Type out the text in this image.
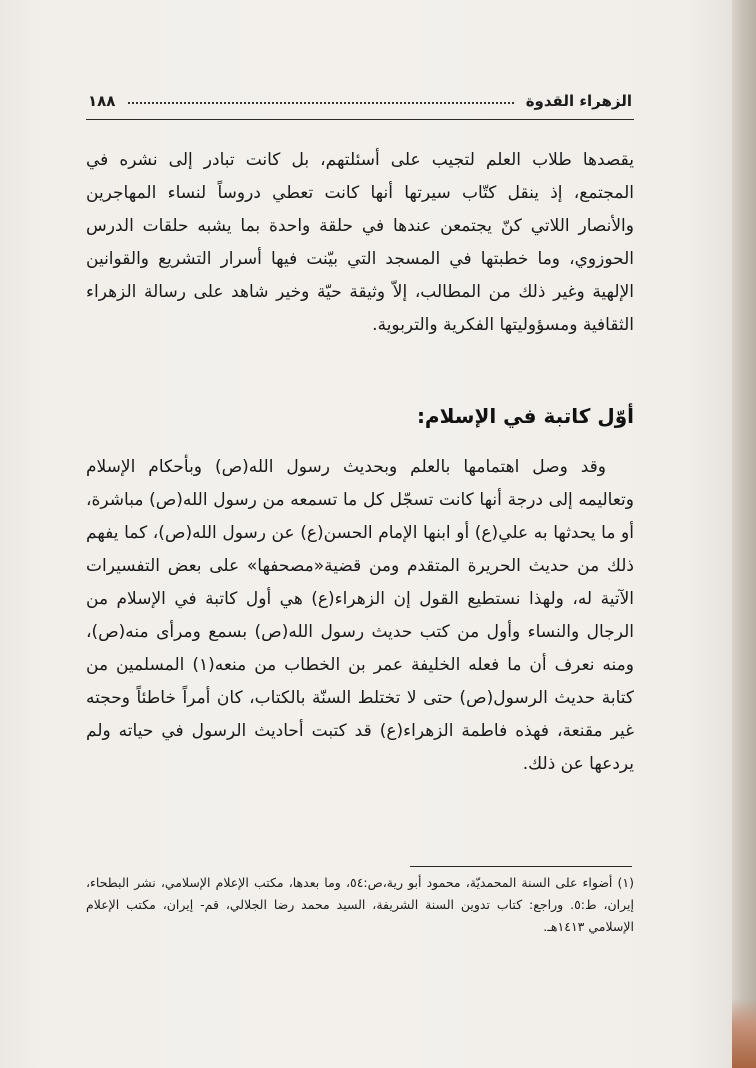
الزهراء القدوة
١٨٨

يقصدها طلاب العلم لتجيب على أسئلتهم، بل كانت تبادر إلى نشره في المجتمع، إذ ينقل كتّاب سيرتها أنها كانت تعطي دروساً لنساء المهاجرين والأنصار اللاتي كنّ يجتمعن عندها في حلقة واحدة بما يشبه حلقات الدرس الحوزوي، وما خطبتها في المسجد التي بيّنت فيها أسرار التشريع والقوانين الإلهية وغير ذلك من المطالب، إلاّ وثيقة حيّة وخير شاهد على رسالة الزهراء الثقافية ومسؤوليتها الفكرية والتربوية.

أوّل كاتبة في الإسلام:

وقد وصل اهتمامها بالعلم وبحديث رسول الله(ص) وبأحكام الإسلام وتعاليمه إلى درجة أنها كانت تسجّل كل ما تسمعه من رسول الله(ص) مباشرة، أو ما يحدثها به علي(ع) أو ابنها الإمام الحسن(ع) عن رسول الله(ص)، كما يفهم ذلك من حديث الحريرة المتقدم ومن قضية«مصحفها» على بعض التفسيرات الآتية له، ولهذا نستطيع القول إن الزهراء(ع) هي أول كاتبة في الإسلام من الرجال والنساء وأول من كتب حديث رسول الله(ص) بسمع ومرأى منه(ص)، ومنه نعرف أن ما فعله الخليفة عمر بن الخطاب من منعه(١) المسلمين من كتابة حديث الرسول(ص) حتى لا تختلط السنّة بالكتاب، كان أمراً خاطئاً وحجته غير مقنعة، فهذه فاطمة الزهراء(ع) قد كتبت أحاديث الرسول في حياته ولم يردعها عن ذلك.

(١) أضواء على السنة المحمديّة، محمود أبو رية،ص:٥٤، وما بعدها، مكتب الإعلام الإسلامي، نشر البطحاء، إيران، ط:٥. وراجع: كتاب تدوين السنة الشريفة، السيد محمد رضا الجلالي، قم- إيران، مكتب الإعلام الإسلامي ١٤١٣هـ.
